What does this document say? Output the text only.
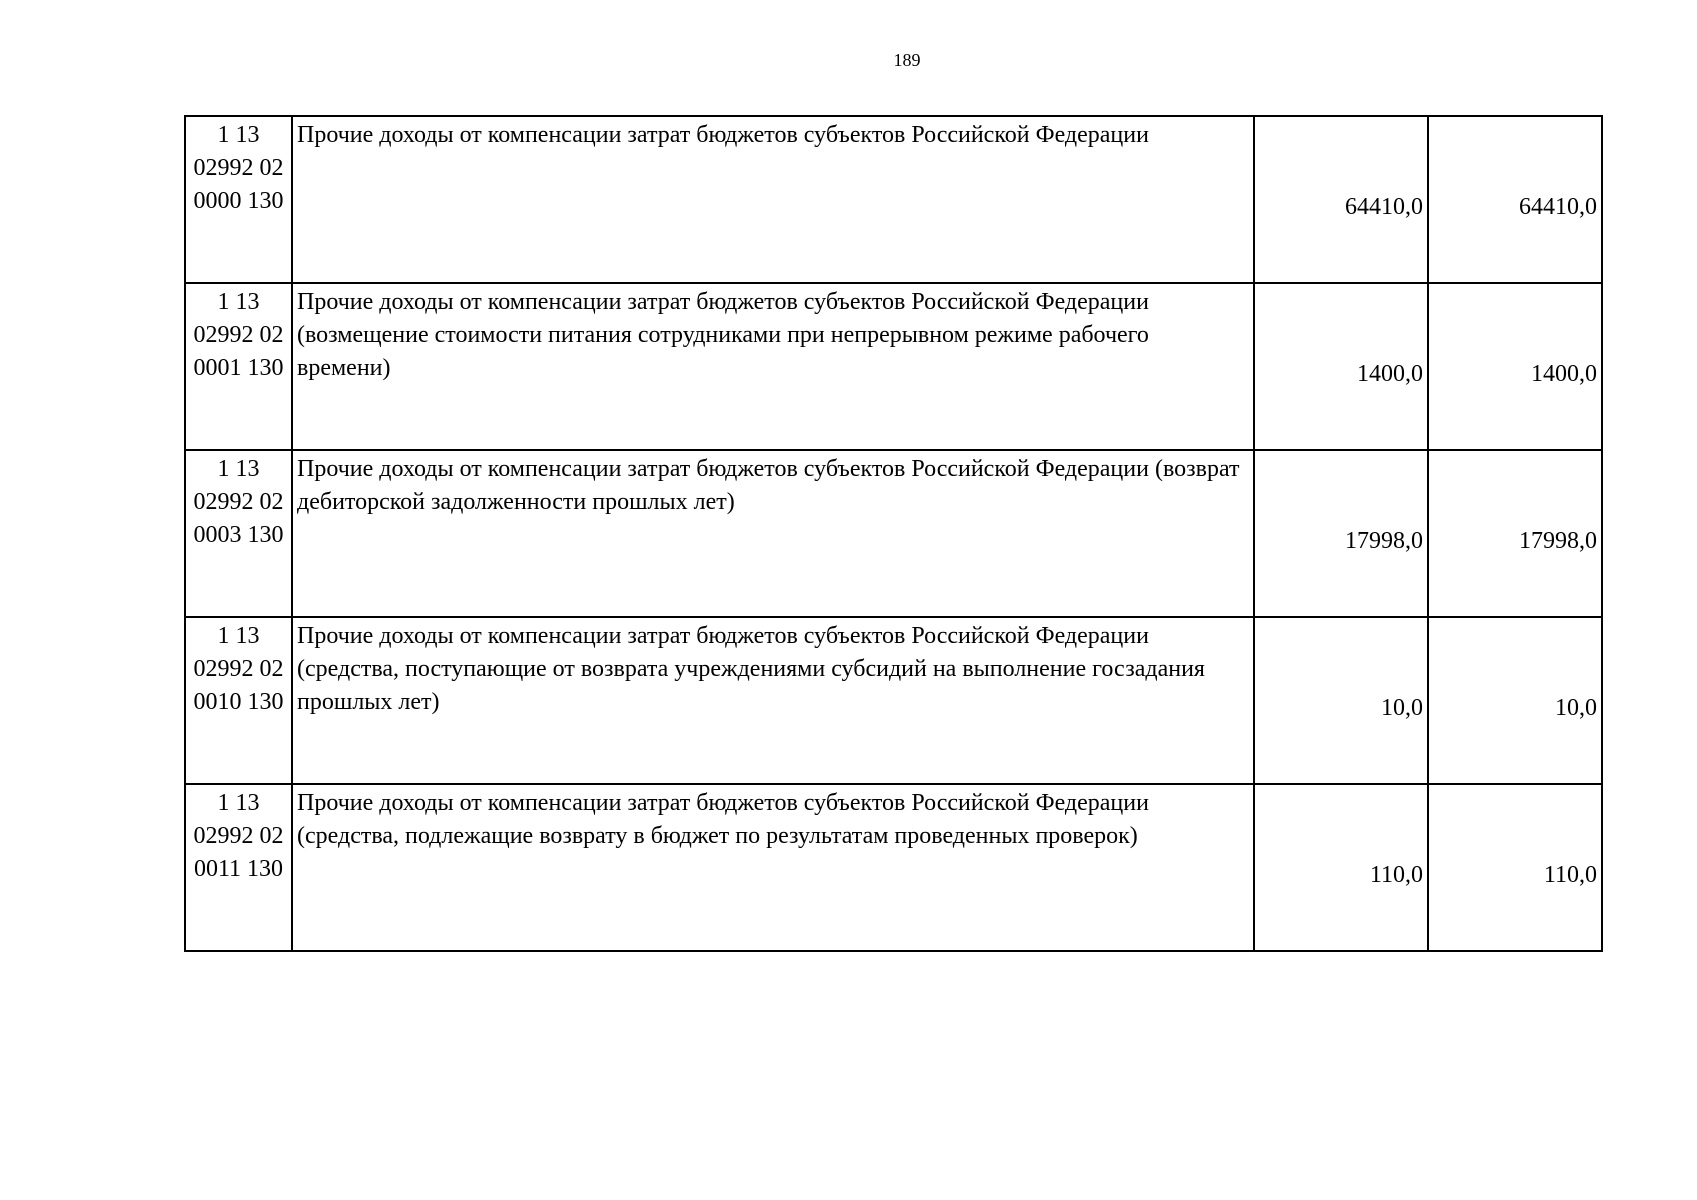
189
1 13
02992 02
0000 130	Прочие доходы от компенсации затрат бюджетов субъектов Российской Федерации	64410,0	64410,0

1 13
02992 02
0001 130	Прочие доходы от компенсации затрат бюджетов субъектов Российской Федерации (возмещение стоимости питания сотрудниками при непрерывном режиме рабочего времени)	1400,0	1400,0

1 13
02992 02
0003 130	Прочие доходы от компенсации затрат бюджетов субъектов Российской Федерации (возврат дебиторской задолженности прошлых лет)	17998,0	17998,0

1 13
02992 02
0010 130	Прочие доходы от компенсации затрат бюджетов субъектов Российской Федерации (средства, поступающие от возврата учреждениями субсидий на выполнение госзадания прошлых лет)	10,0	10,0

1 13
02992 02
0011 130	Прочие доходы от компенсации затрат бюджетов субъектов Российской Федерации (средства, подлежащие возврату в бюджет по результатам проведенных проверок)	110,0	110,0
